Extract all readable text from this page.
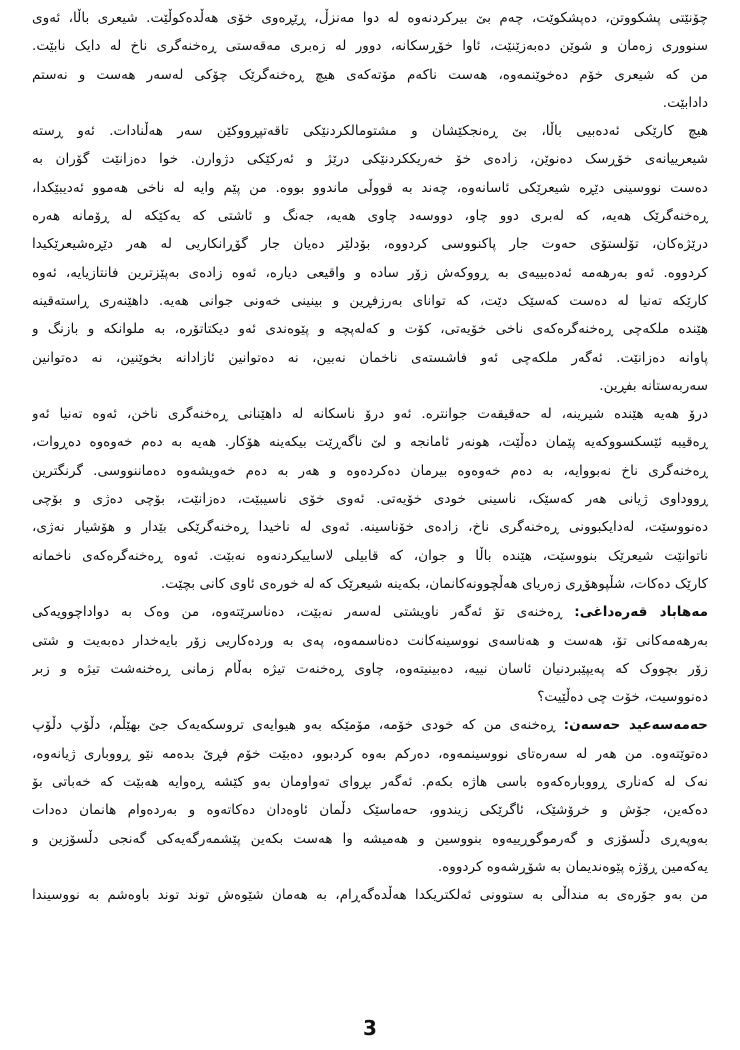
چۆنێتی پشکووتن، دەپشکوێت، چەم بێ بیرکردنەوە لە دوا مەنزڵ، ڕێڕەوی خۆی هەڵدەکوڵێت. شیعری باڵا، ئەوی
سنووری زەمان و شوێن دەبەزێنێت، ئاوا خۆڕسکانە، دوور لە زەبری مەقەستی ڕەخنەگری ناخ لە دایک نابێت.
من کە شیعری خۆم دەخوێنمەوە، هەست ناکەم مۆتەکەی هیچ ڕەخنەگرێک چۆکی لەسەر هەست و نەستم
دادابێت.
هیچ کارێکی ئەدەبیی باڵا، بێ ڕەنجکێشان و مشتومالکردنێکی تاقەتپڕووکێن سەر هەڵنادات. ئەو ڕستە
شیعرییانەی خۆڕسک دەنوێن، زادەی خۆ خەریککردنێکی درێژ و ئەرکێکی دژوارن. خوا دەزانێت گۆران بە
دەست نووسینی دێڕە شیعرێکی ئاسانەوە، چەند بە قووڵی ماندوو بووە. من پێم وایە لە ناخی هەموو ئەدیبێکدا،
ڕەخنەگرێک هەیە، کە لەبری دوو چاو، دووسەد چاوی هەیە، جەنگ و ئاشتی کە یەکێکە لە ڕۆمانە هەرە
درێژەکان، تۆلستۆی حەوت جار پاکنووسی کردووە، بۆدلێر دەیان جار گۆڕانکاریی لە هەر دێڕەشیعرێکیدا
کردووە. ئەو بەرهەمە ئەدەبییەی بە ڕووکەش زۆر سادە و واقیعی دیارە، ئەوە زادەی بەپێزترین فانتازیایە، ئەوە
کارێکە تەنیا لە دەست کەسێک دێت، کە توانای بەرزفڕین و بینینی خەونی جوانی هەیە. داهێنەری ڕاستەقینە
هێندە ملکەچی ڕەخنەگرەکەی ناخی خۆیەتی، کۆت و کەلەپچە و پێوەندی ئەو دیکتاتۆرە، بە ملوانکە و بازنگ و
پاوانە دەزانێت. ئەگەر ملکەچی ئەو فاشستەی ناخمان نەبین، نە دەتوانین ئازادانە بخوێنین، نە دەتوانین
سەربەستانە بفڕین.
درۆ هەیە هێندە شیرینە، لە حەقیقەت جوانترە. ئەو درۆ ناسکانە لە داهێنانی ڕەخنەگری ناخن، ئەوە تەنیا ئەو
ڕەقیبە ئێسکسووکەیە پێمان دەڵێت، هونەر ئامانجە و لێ ناگەڕێت بیکەینە هۆکار. هەیە بە دەم خەوەوە دەڕوات،
ڕەخنەگری ناخ نەبووایە، بە دەم خەوەوە بیرمان دەکردەوە و هەر بە دەم خەویشەوە دەماننووسی. گرنگترین
ڕووداوی ژیانی هەر کەسێک، ناسینی خودی خۆیەتی. ئەوی خۆی ناسیبێت، دەزانێت، بۆچی دەژی و بۆچی
دەنووسێت، لەدایکبوونی ڕەخنەگری ناخ، زادەی خۆناسینە. ئەوی لە ناخیدا ڕەخنەگرێکی بێدار و هۆشیار نەژی،
ناتوانێت شیعرێک بنووسێت، هێندە باڵا و جوان، کە قابیلی لاساییکردنەوە نەبێت. ئەوە ڕەخنەگرەکەی ناخمانە
کارێک دەکات، شڵپوهۆڕی زەریای هەڵچوونەکانمان، بکەینە شیعرێک کە لە خورەی ئاوی کانی بچێت.
مەهاباد قەرەداغی: ڕەخنەی تۆ ئەگەر ناویشتی لەسەر نەبێت، دەناسرێتەوە، من وەک بە دواداچوویەکی
بەرهەمەکانی تۆ، هەست و هەناسەی نووسینەکانت دەناسمەوە، پەی بە وردەکاریی زۆر بایەخدار دەبەیت و شتی
زۆر بچووک کە پەیپێبردنیان ئاسان نییە، دەبینیتەوە، چاوی ڕەخنەت تیژە بەڵام زمانی ڕەخنەشت تیژە و زبر
دەنووسیت، خۆت چی دەڵێیت؟
حەمەسەعید حەسەن: ڕەخنەی من کە خودی خۆمە، مۆمێکە بەو هیوایەی تروسکەیەک جێ بهێڵم، دڵۆپ دڵۆپ
دەتوێتەوە. من هەر لە سەرەتای نووسینمەوە، دەرکم بەوە کردبوو، دەبێت خۆم فڕێ بدەمە نێو ڕووباری ژیانەوە،
نەک لە کەناری ڕووبارەکەوە باسی هاژە بکەم. ئەگەر بڕوای تەواومان بەو کێشە ڕەوایە هەبێت کە خەباتی بۆ
دەکەین، جۆش و خرۆشێک، ئاگرێکی زیندوو، حەماسێک دڵمان ئاوەدان دەکاتەوە و بەردەوام هانمان دەدات
بەوپەڕی دڵسۆزی و گەرموگوڕییەوە بنووسین و هەمیشە وا هەست بکەین پێشمەرگەیەکی گەنجی دڵسۆزین و
یەکەمین ڕۆژە پێوەندیمان بە شۆڕشەوە کردووە.
من بەو جۆرەی بە منداڵی بە ستوونی ئەلکتریکدا هەڵدەگەڕام، بە هەمان شێوەش توند توند باوەشم بە نووسیندا
3
